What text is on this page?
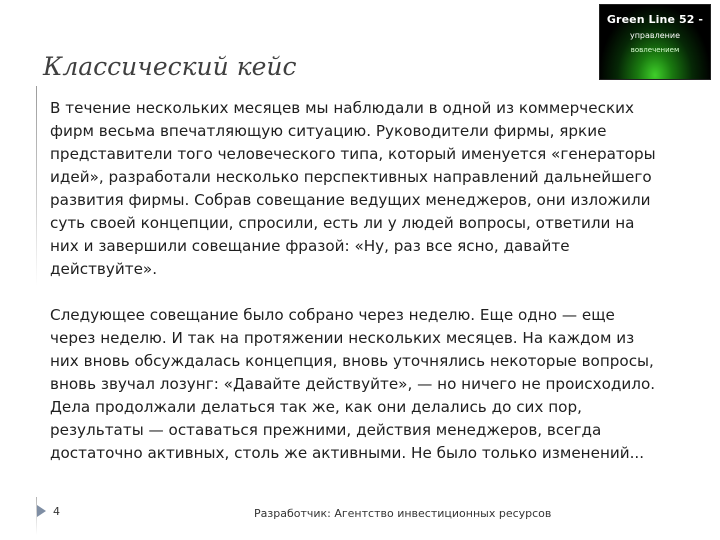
Green Line 52 -
управление
вовлечением
Классический кейс

В течение нескольких месяцев мы наблюдали в одной из коммерческих
фирм весьма впечатляющую ситуацию. Руководители фирмы, яркие
представители того человеческого типа, который именуется «генераторы
идей», разработали несколько перспективных направлений дальнейшего
развития фирмы. Собрав совещание ведущих менеджеров, они изложили
суть своей концепции, спросили, есть ли у людей вопросы, ответили на
них и завершили совещание фразой: «Ну, раз все ясно, давайте
действуйте».

Следующее совещание было собрано через неделю. Еще одно — еще
через неделю. И так на протяжении нескольких месяцев. На каждом из
них вновь обсуждалась концепция, вновь уточнялись некоторые вопросы,
вновь звучал лозунг: «Давайте действуйте», — но ничего не происходило.
Дела продолжали делаться так же, как они делались до сих пор,
результаты — оставаться прежними, действия менеджеров, всегда
достаточно активных, столь же активными. Не было только изменений...

4	Разработчик: Агентство инвестиционных ресурсов
